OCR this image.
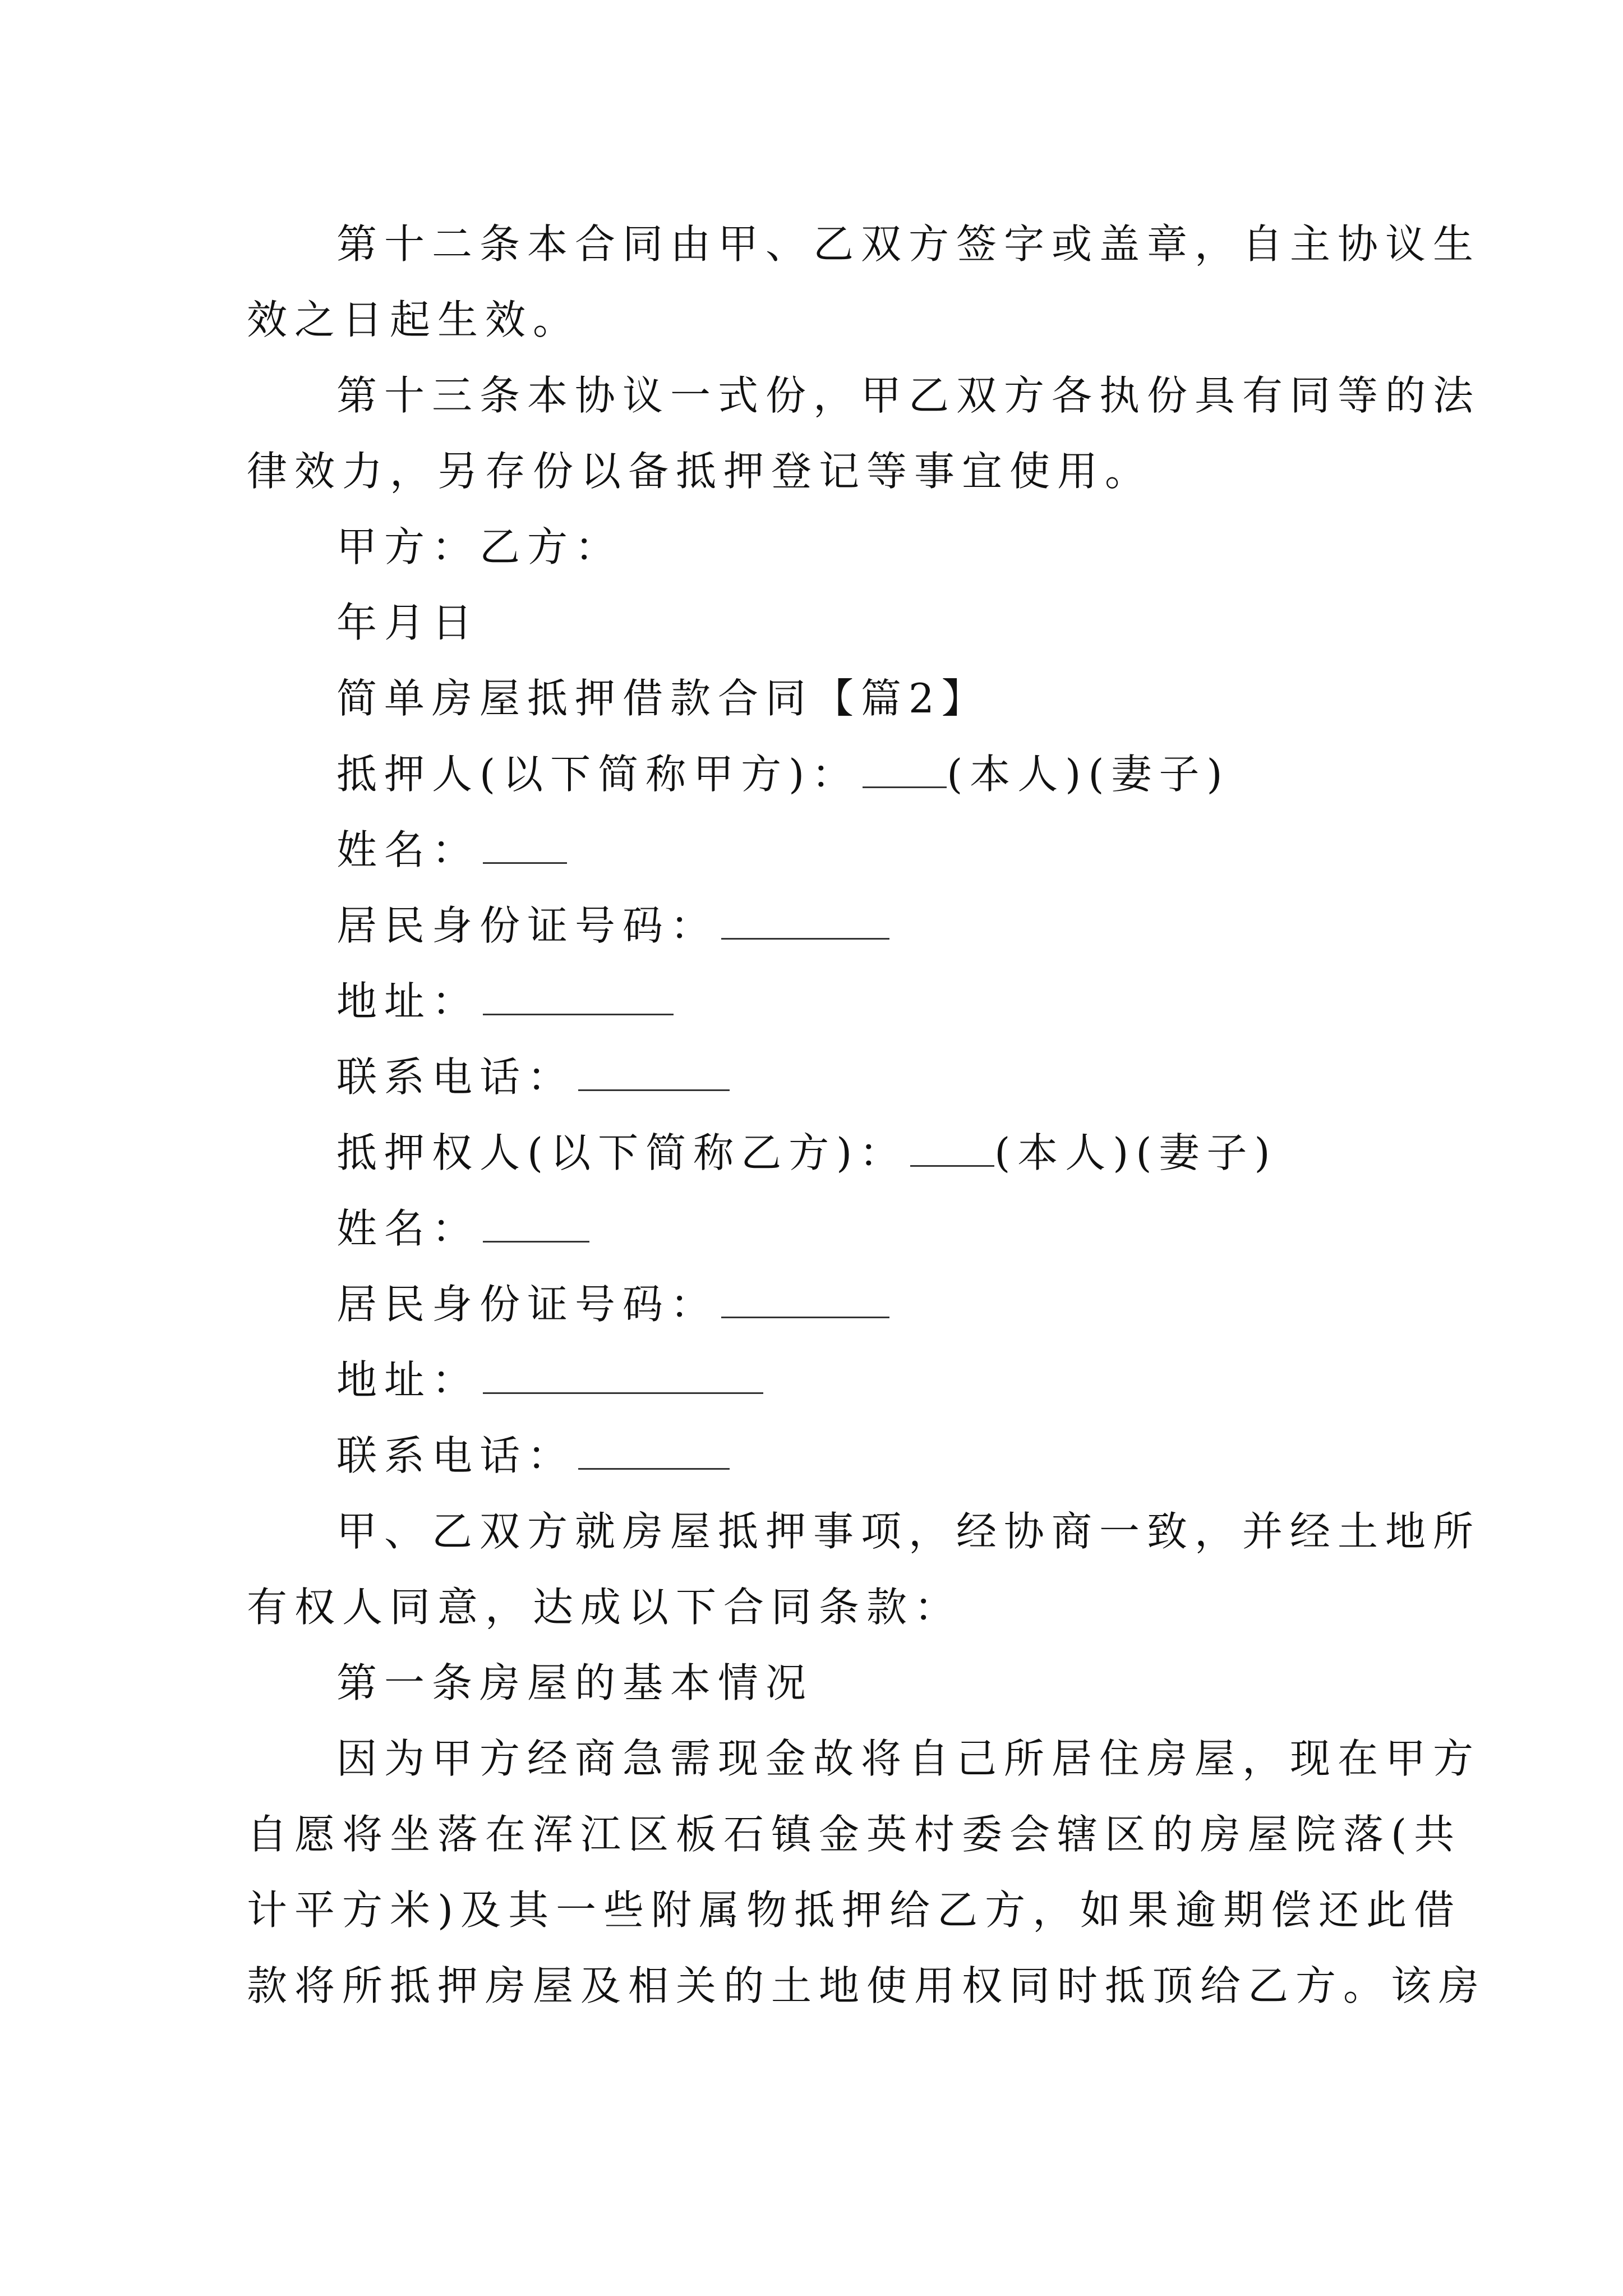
第十二条本合同由甲、乙双方签字或盖章，自主协议生
效之日起生效。
第十三条本协议一式份，甲乙双方各执份具有同等的法
律效力，另存份以备抵押登记等事宜使用。
甲方：乙方：
年月日
简单房屋抵押借款合同【篇2】
抵押人(以下简称甲方)： (本人)(妻子)
姓名：
居民身份证号码：
地址：
联系电话：
抵押权人(以下简称乙方)： (本人)(妻子)
姓名：
居民身份证号码：
地址：
联系电话：
甲、乙双方就房屋抵押事项，经协商一致，并经土地所
有权人同意，达成以下合同条款：
第一条房屋的基本情况
因为甲方经商急需现金故将自己所居住房屋，现在甲方
自愿将坐落在浑江区板石镇金英村委会辖区的房屋院落(共
计平方米)及其一些附属物抵押给乙方，如果逾期偿还此借
款将所抵押房屋及相关的土地使用权同时抵顶给乙方。该房
